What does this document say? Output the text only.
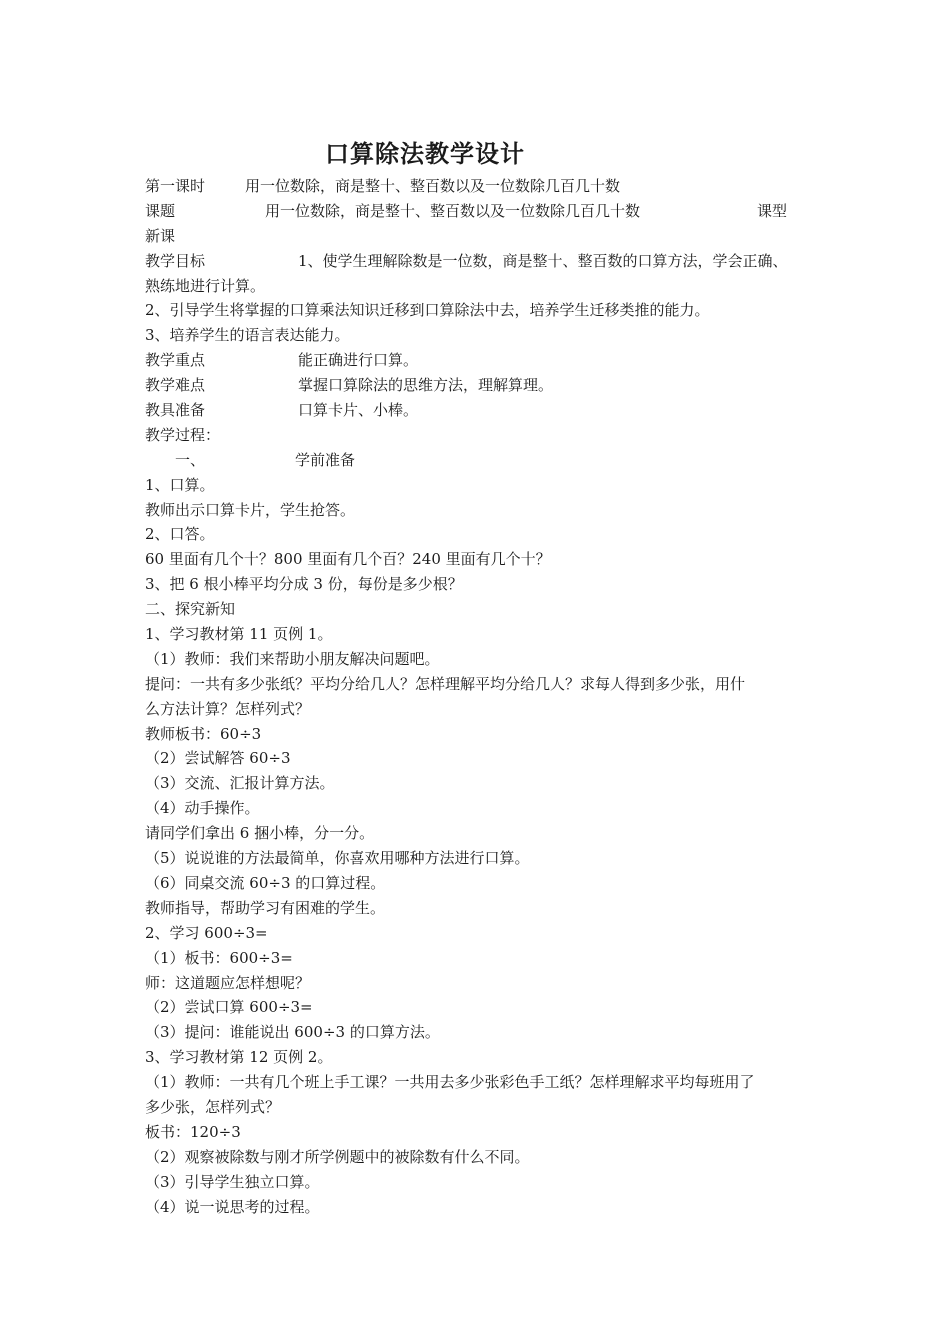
口算除法教学设计
第一课时	用一位数除，商是整十、整百数以及一位数除几百几十数
课题	用一位数除，商是整十、整百数以及一位数除几百几十数	课型
新课
教学目标	1、使学生理解除数是一位数，商是整十、整百数的口算方法，学会正确、
熟练地进行计算。
2、引导学生将掌握的口算乘法知识迁移到口算除法中去，培养学生迁移类推的能力。
3、培养学生的语言表达能力。
教学重点	能正确进行口算。
教学难点	掌握口算除法的思维方法，理解算理。
教具准备	口算卡片、小棒。
教学过程：
一、	学前准备
1、口算。
教师出示口算卡片，学生抢答。
2、口答。
60 里面有几个十？800 里面有几个百？240 里面有几个十？
3、把 6 根小棒平均分成 3 份，每份是多少根？
二、探究新知
1、学习教材第 11 页例 1。
（1）教师：我们来帮助小朋友解决问题吧。
提问：一共有多少张纸？平均分给几人？怎样理解平均分给几人？求每人得到多少张，用什
么方法计算？怎样列式？
教师板书：60÷3
（2）尝试解答 60÷3
（3）交流、汇报计算方法。
（4）动手操作。
请同学们拿出 6 捆小棒，分一分。
（5）说说谁的方法最简单，你喜欢用哪种方法进行口算。
（6）同桌交流 60÷3 的口算过程。
教师指导，帮助学习有困难的学生。
2、学习 600÷3=
（1）板书：600÷3=
师：这道题应怎样想呢？
（2）尝试口算 600÷3=
（3）提问：谁能说出 600÷3 的口算方法。
3、学习教材第 12 页例 2。
（1）教师：一共有几个班上手工课？一共用去多少张彩色手工纸？怎样理解求平均每班用了
多少张，怎样列式？
板书：120÷3
（2）观察被除数与刚才所学例题中的被除数有什么不同。
（3）引导学生独立口算。
（4）说一说思考的过程。
